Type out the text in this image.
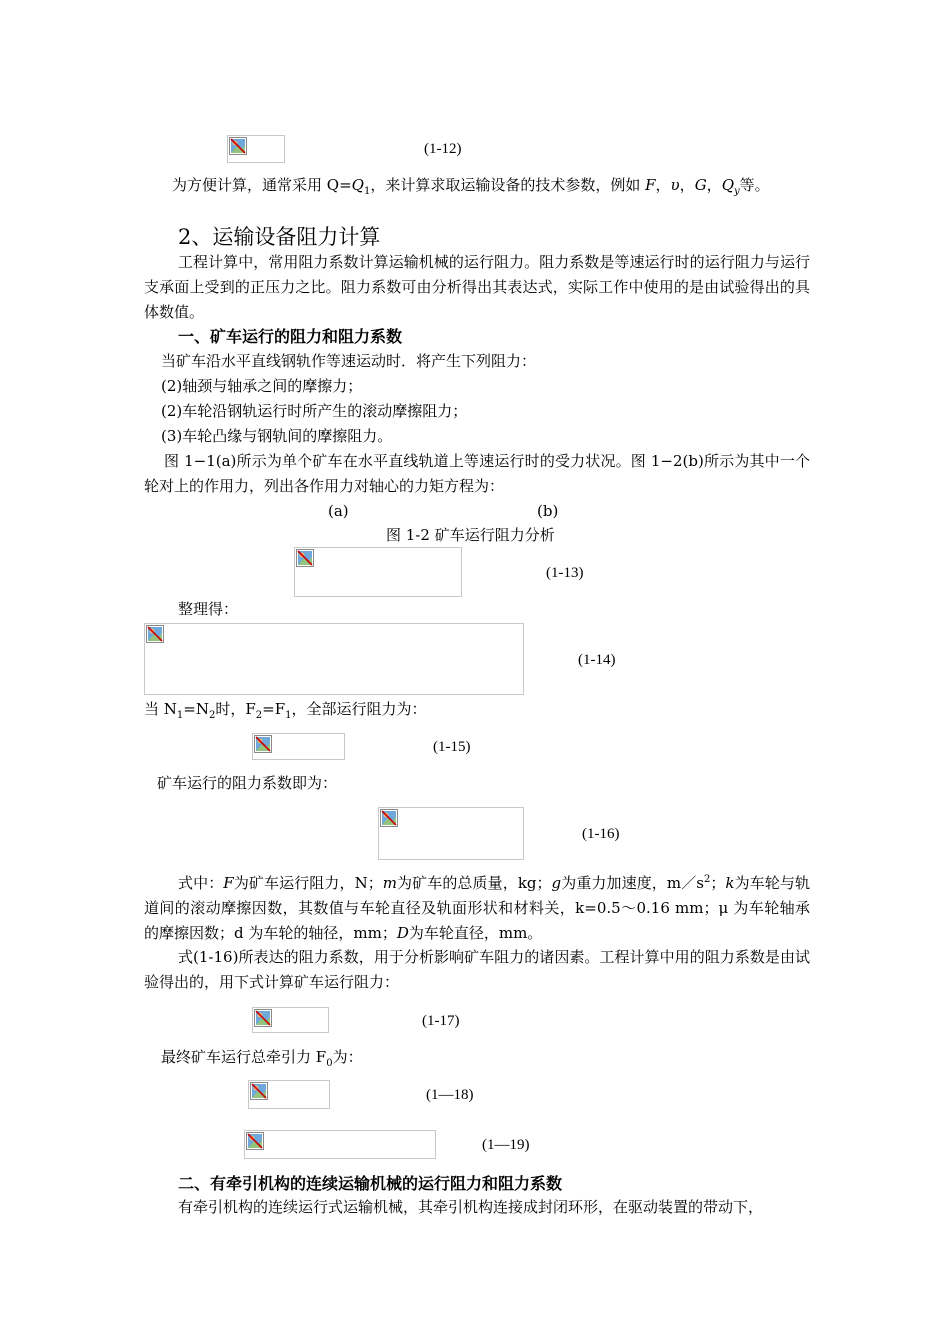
(1-12)
为方便计算，通常采用 $Q=Q_1$，来计算求取运输设备的技术参数，例如 F，υ，G，$Q_y$等。
2、运输设备阻力计算
工程计算中，常用阻力系数计算运输机械的运行阻力。阻力系数是等速运行时的运行阻力与运行支承面上受到的正压力之比。阻力系数可由分析得出其表达式，实际工作中使用的是由试验得出的具体数值。
一、矿车运行的阻力和阻力系数
当矿车沿水平直线钢轨作等速运动时．将产生下列阻力：
(2)轴颈与轴承之间的摩擦力；
(2)车轮沿钢轨运行时所产生的滚动摩擦阻力；
(3)车轮凸缘与钢轨间的摩擦阻力。
图 1−1(a)所示为单个矿车在水平直线轨道上等速运行时的受力状况。图 1−2(b)所示为其中一个轮对上的作用力，列出各作用力对轴心的力矩方程为：
(a)	(b)
图 1-2 矿车运行阻力分析
(1-13)
整理得：
(1-14)
当 $N_1=N_2$时，$F_2=F_1$，全部运行阻力为：
(1-15)
矿车运行的阻力系数即为：
(1-16)
式中：F为矿车运行阻力，N；m为矿车的总质量，kg；g为重力加速度，$m/s^2$；k为车轮与轨道间的滚动摩擦因数，其数值与车轮直径及轨面形状和材料关，k=0.5～0.16 mm；μ 为车轮轴承的摩擦因数；d 为车轮的轴径，mm；D为车轮直径，mm。
式(1-16)所表达的阻力系数，用于分析影响矿车阻力的诸因素。工程计算中用的阻力系数是由试验得出的，用下式计算矿车运行阻力：
(1-17)
最终矿车运行总牵引力 $F_0$为：
(1—18)
(1—19)
二、有牵引机构的连续运输机械的运行阻力和阻力系数
有牵引机构的连续运行式运输机械，其牵引机构连接成封闭环形，在驱动装置的带动下，
